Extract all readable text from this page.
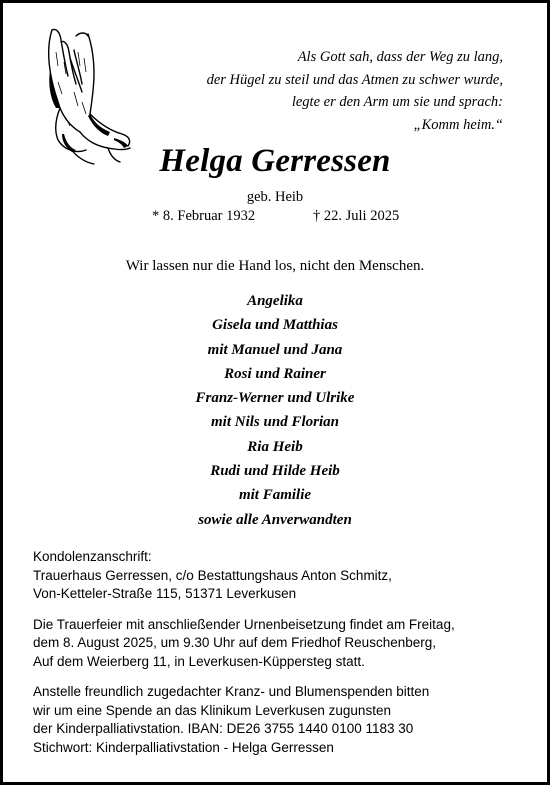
Als Gott sah, dass der Weg zu lang,
der Hügel zu steil und das Atmen zu schwer wurde,
legte er den Arm um sie und sprach:
„Komm heim.“
Helga Gerressen
geb. Heib
* 8. Februar 1932	† 22. Juli 2025
Wir lassen nur die Hand los, nicht den Menschen.
Angelika
Gisela und Matthias
mit Manuel und Jana
Rosi und Rainer
Franz-Werner und Ulrike
mit Nils und Florian
Ria Heib
Rudi und Hilde Heib
mit Familie
sowie alle Anverwandten

Kondolenzanschrift:
Trauerhaus Gerressen, c/o Bestattungshaus Anton Schmitz,
Von-Ketteler-Straße 115, 51371 Leverkusen

Die Trauerfeier mit anschließender Urnenbeisetzung findet am Freitag,
dem 8. August 2025, um 9.30 Uhr auf dem Friedhof Reuschenberg,
Auf dem Weierberg 11, in Leverkusen-Küppersteg statt.

Anstelle freundlich zugedachter Kranz- und Blumenspenden bitten
wir um eine Spende an das Klinikum Leverkusen zugunsten
der Kinderpalliativstation. IBAN: DE26 3755 1440 0100 1183 30
Stichwort: Kinderpalliativstation - Helga Gerressen
